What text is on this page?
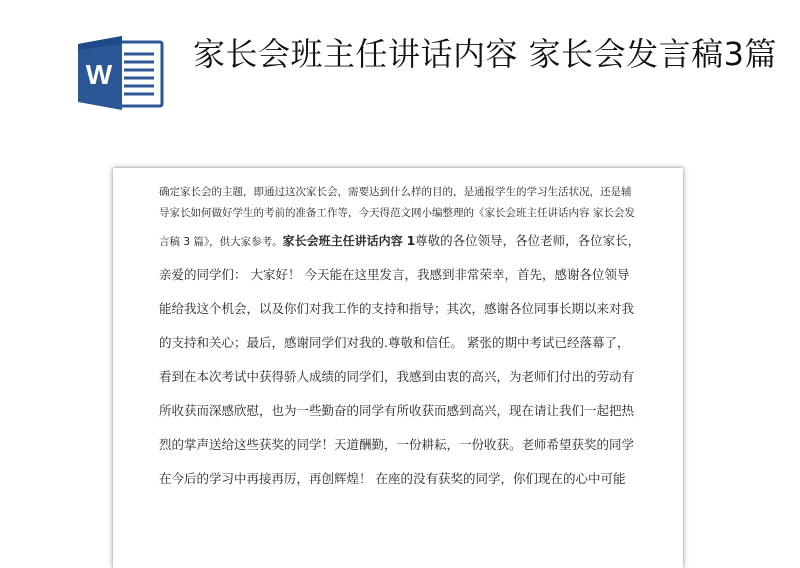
W
家长会班主任讲话内容 家长会发言稿3篇

确定家长会的主题，即通过这次家长会，需要达到什么样的目的，是通报学生的学习生活状况，还是辅导家长如何做好学生的考前的准备工作等，今天得范文网小编整理的《家长会班主任讲话内容 家长会发言稿 3 篇》，供大家参考。家长会班主任讲话内容 1尊敬的各位领导，各位老师，各位家长，亲爱的同学们： 大家好！ 今天能在这里发言，我感到非常荣幸，首先，感谢各位领导能给我这个机会，以及你们对我工作的支持和指导；其次，感谢各位同事长期以来对我的支持和关心；最后，感谢同学们对我的.尊敬和信任。 紧张的期中考试已经落幕了，看到在本次考试中获得骄人成绩的同学们，我感到由衷的高兴，为老师们付出的劳动有所收获而深感欣慰，也为一些勤奋的同学有所收获而感到高兴，现在请让我们一起把热烈的掌声送给这些获奖的同学！天道酬勤，一份耕耘，一份收获。老师希望获奖的同学在今后的学习中再接再厉，再创辉煌！ 在座的没有获奖的同学，你们现在的心中可能
